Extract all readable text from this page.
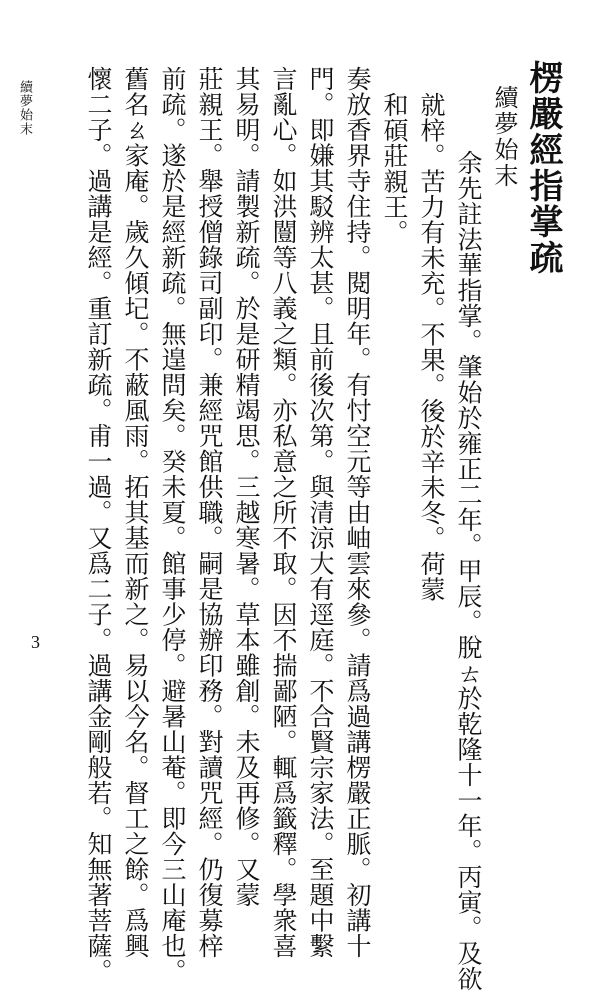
楞嚴經指掌疏
續夢始末
余先註法華指掌。肇始於雍正二年。甲辰。脫ㄊ於乾隆十一年。丙寅。及欲
就梓。苦力有未充。不果。後於辛未冬。荷蒙
和碩莊親王。
奏放香界寺住持。閱明年。有忖空元等由岫雲來參。請爲過講楞嚴正脈。初講十
門。即嫌其駁辨太甚。且前後次第。與清涼大有逕庭。不合賢宗家法。至題中繫
言亂心。如洪闓等八義之類。亦私意之所不取。因不揣鄙陋。輒爲籤釋。學衆喜
其易明。請製新疏。於是研精竭思。三越寒暑。草本雖創。未及再修。又蒙
莊親王。舉授僧錄司副印。兼經咒館供職。嗣是協辦印務。對讀咒經。仍復募梓
前疏。遂於是經新疏。無遑問矣。癸未夏。館事少停。避暑山菴。即今三山庵也。
舊名ㄠ家庵。歲久傾圮。不蔽風雨。拓其基而新之。易以今名。督工之餘。爲興
懷二子。過講是經。重訂新疏。甫一過。又爲二子。過講金剛般若。知無著菩薩。
續夢始末
3
